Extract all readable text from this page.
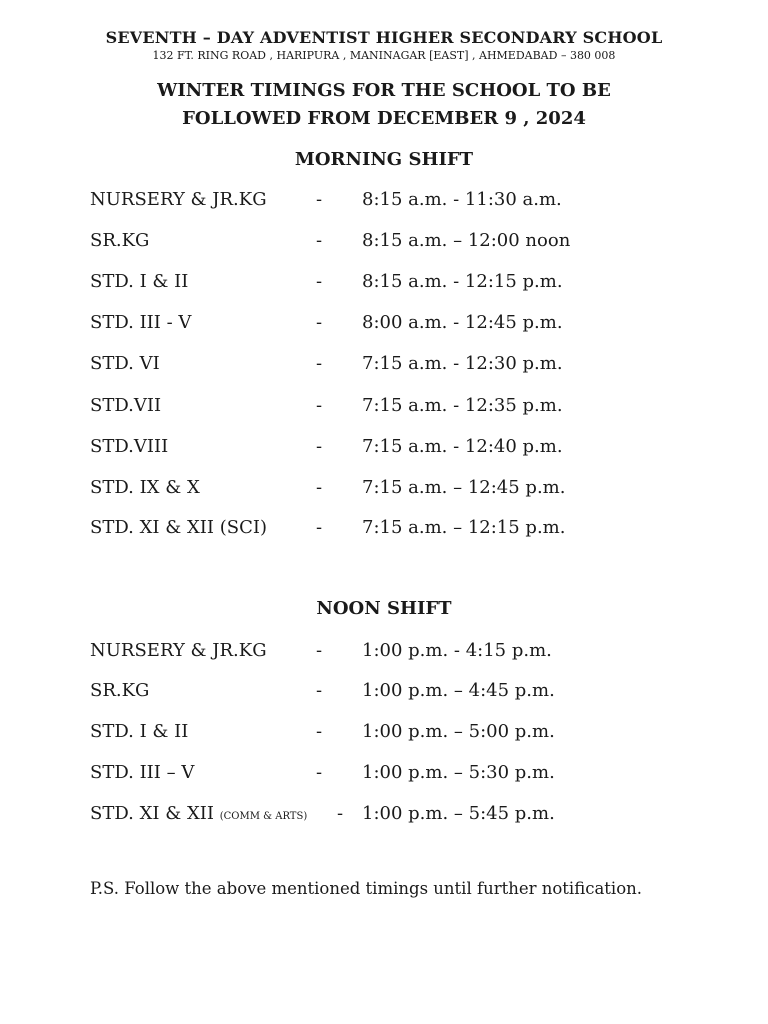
SEVENTH – DAY ADVENTIST HIGHER SECONDARY SCHOOL
132 FT. RING ROAD , HARIPURA , MANINAGAR [EAST] , AHMEDABAD – 380 008
WINTER TIMINGS FOR THE SCHOOL TO BE
FOLLOWED FROM DECEMBER 9 , 2024
MORNING SHIFT
NURSERY & JR.KG	- 8:15 a.m. - 11:30 a.m.
SR.KG	- 8:15 a.m. – 12:00 noon
STD. I & II	- 8:15 a.m. - 12:15 p.m.
STD. III - V	- 8:00 a.m. - 12:45 p.m.
STD. VI	- 7:15 a.m. - 12:30 p.m.
STD.VII	- 7:15 a.m. - 12:35 p.m.
STD.VIII	- 7:15 a.m. - 12:40 p.m.
STD. IX & X	- 7:15 a.m. – 12:45 p.m.
STD. XI & XII (SCI)	- 7:15 a.m. – 12:15 p.m.
NOON SHIFT
NURSERY & JR.KG	- 1:00 p.m. - 4:15 p.m.
SR.KG	- 1:00 p.m. – 4:45 p.m.
STD. I & II	- 1:00 p.m. – 5:00 p.m.
STD. III – V	- 1:00 p.m. – 5:30 p.m.
STD. XI & XII (COMM & ARTS) - 1:00 p.m. – 5:45 p.m.
P.S. Follow the above mentioned timings until further notification.
